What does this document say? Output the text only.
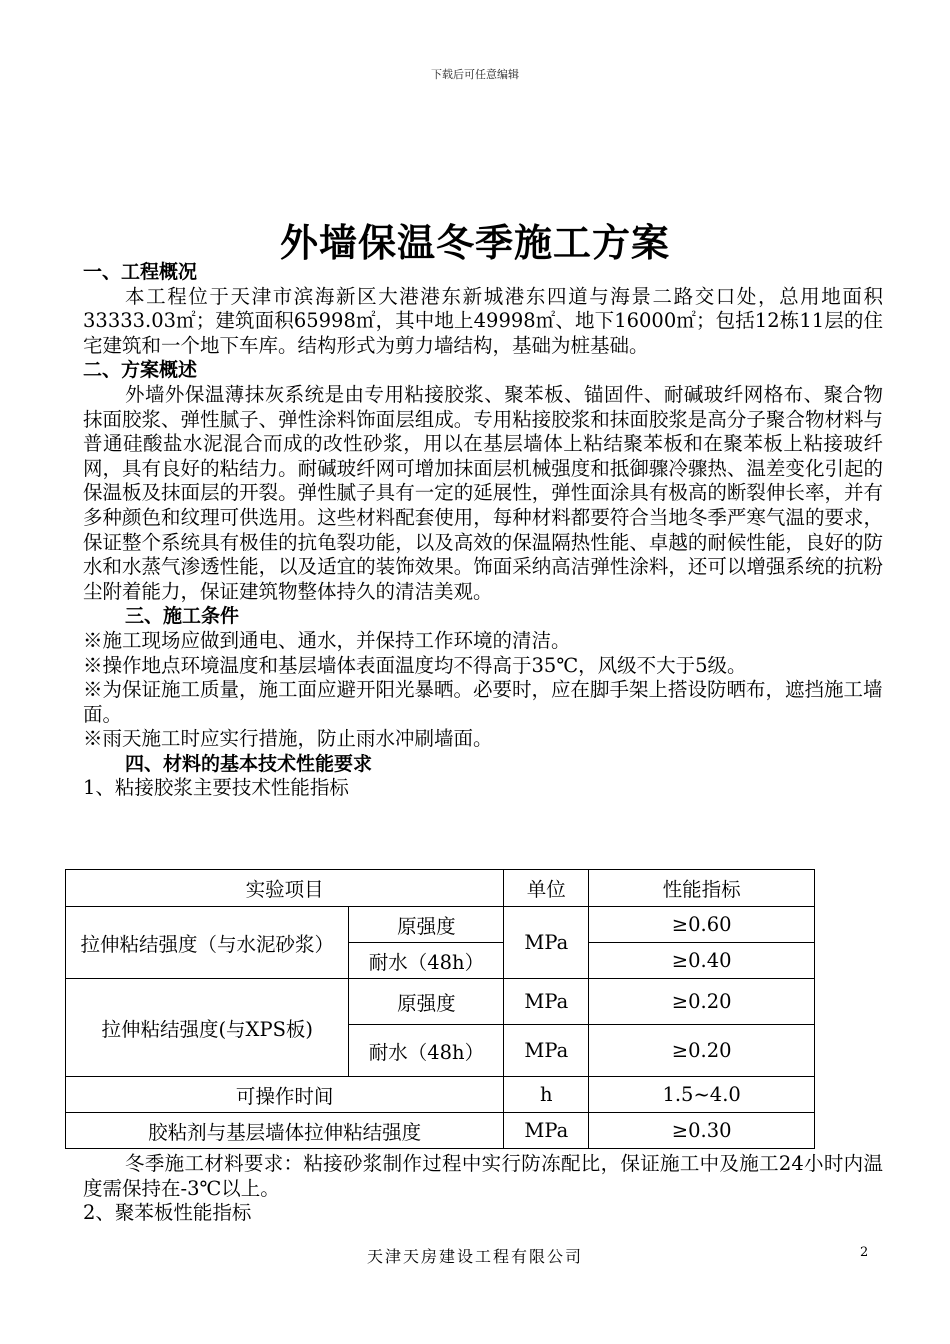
下载后可任意编辑
外墙保温冬季施工方案

一、工程概况

本工程位于天津市滨海新区大港港东新城港东四道与海景二路交口处，总用地面积33333.03㎡；建筑面积65998㎡，其中地上49998㎡、地下16000㎡；包括12栋11层的住宅建筑和一个地下车库。结构形式为剪力墙结构，基础为桩基础。

二、方案概述

外墙外保温薄抹灰系统是由专用粘接胶浆、聚苯板、锚固件、耐碱玻纤网格布、聚合物抹面胶浆、弹性腻子、弹性涂料饰面层组成。专用粘接胶浆和抹面胶浆是高分子聚合物材料与普通硅酸盐水泥混合而成的改性砂浆，用以在基层墙体上粘结聚苯板和在聚苯板上粘接玻纤网，具有良好的粘结力。耐碱玻纤网可增加抹面层机械强度和抵御骤冷骤热、温差变化引起的保温板及抹面层的开裂。弹性腻子具有一定的延展性，弹性面涂具有极高的断裂伸长率，并有多种颜色和纹理可供选用。这些材料配套使用，每种材料都要符合当地冬季严寒气温的要求，保证整个系统具有极佳的抗龟裂功能，以及高效的保温隔热性能、卓越的耐候性能，良好的防水和水蒸气渗透性能，以及适宜的装饰效果。饰面采纳高洁弹性涂料，还可以增强系统的抗粉尘附着能力，保证建筑物整体持久的清洁美观。

三、施工条件

※施工现场应做到通电、通水，并保持工作环境的清洁。

※操作地点环境温度和基层墙体表面温度均不得高于35℃，风级不大于5级。

※为保证施工质量，施工面应避开阳光暴晒。必要时，应在脚手架上搭设防晒布，遮挡施工墙面。

※雨天施工时应实行措施，防止雨水冲刷墙面。

四、材料的基本技术性能要求

1、粘接胶浆主要技术性能指标

实验项目		单位	性能指标
拉伸粘结强度（与水泥砂浆）	原强度	MPa	≥0.60
	耐水（48h）		≥0.40
拉伸粘结强度(与XPS板)	原强度	MPa	≥0.20
	耐水（48h）	MPa	≥0.20
可操作时间		h	1.5~4.0
胶粘剂与基层墙体拉伸粘结强度		MPa	≥0.30

冬季施工材料要求：粘接砂浆制作过程中实行防冻配比，保证施工中及施工24小时内温度需保持在-3℃以上。

2、聚苯板性能指标

天津天房建设工程有限公司	2
